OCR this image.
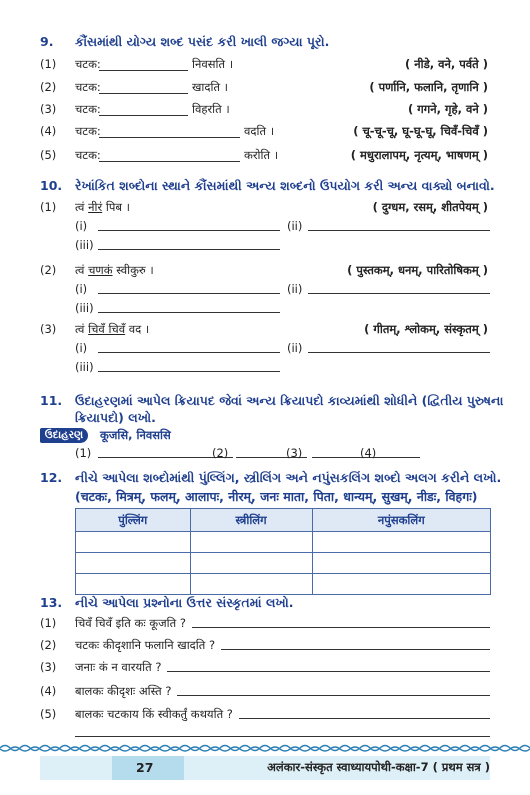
9. કૌંસમાંથી યોગ્ય શબ્દ પસંદ કરી ખાલી જગ્યા પૂરો.
(1) चटक:	निवसति ।	( नीडे, वने, पर्वते )
(2) चटक:	खादति ।	( पर्णानि, फलानि, तृणानि )
(3) चटक:	विहरति ।	( गगने, गृहे, वने )
(4) चटक:	वदति ।	( चू-चू-चू, घू-घू-घू, चिवँ-चिवँ )
(5) चटक:	करोति ।	( मधुरालापम्, नृत्यम्, भाषणम् )
10. રેખાંકિત શબ્દોના સ્થાને કૌંસમાંથી અન્ય શબ્દનો ઉપયોગ કરી અન્ય વાક્યો બનાવો.
(1) त्वं नीरं पिब ।	( दुग्धम, रसम्, शीतपेयम् )
(i)	(ii)
(iii)
(2) त्वं चणकं स्वीकुरु ।	( पुस्तकम्, धनम्, पारितोषिकम् )
(i)	(ii)
(iii)
(3) त्वं चिवँ चिवँ वद ।	( गीतम्, श्लोकम्, संस्कृतम् )
(i)	(ii)
(iii)
11. ઉદાહરણમાં આપેલ ક્રિયાપદ જેવાં અન્ય ક્રિયાપદો કાવ્યમાંથી શોધીને (દ્વિતીય પુરુષના
ક્રિયાપદો) લખો.
ઉદાહરણ	कूजसि, निवससि
(1)	(2)	(3)	(4)
12. નીચે આપેલા શબ્દોમાંથી પુંલ્લિંગ, સ્ત્રીલિંગ અને નપુંસકલિંગ શબ્દો અલગ કરીને લખો.
(चटकः, मित्रम्, फलम्, आलापः, नीरम्, जनः माता, पिता, धान्यम्, सुखम्, नीडः, विहगः)
पुंल्लिंग	स्त्रीलिंग	नपुंसकलिंग

13. નીચે આપેલા પ્રશ્નોના ઉત્તર સંસ્કૃતમાં લખો.
(1) चिवँ चिवँ इति कः कूजति ?
(2) चटकः कीदृशानि फलानि खादति ?
(3) जनाः कं न वारयति ?
(4) बालकः कीदृशः अस्ति ?
(5) बालकः चटकाय किं स्वीकर्तुं कथयति ?
27	अलंकार-संस्कृत स्वाध्यायपोथी-कक्षा-7 ( प्रथम सत्र )
